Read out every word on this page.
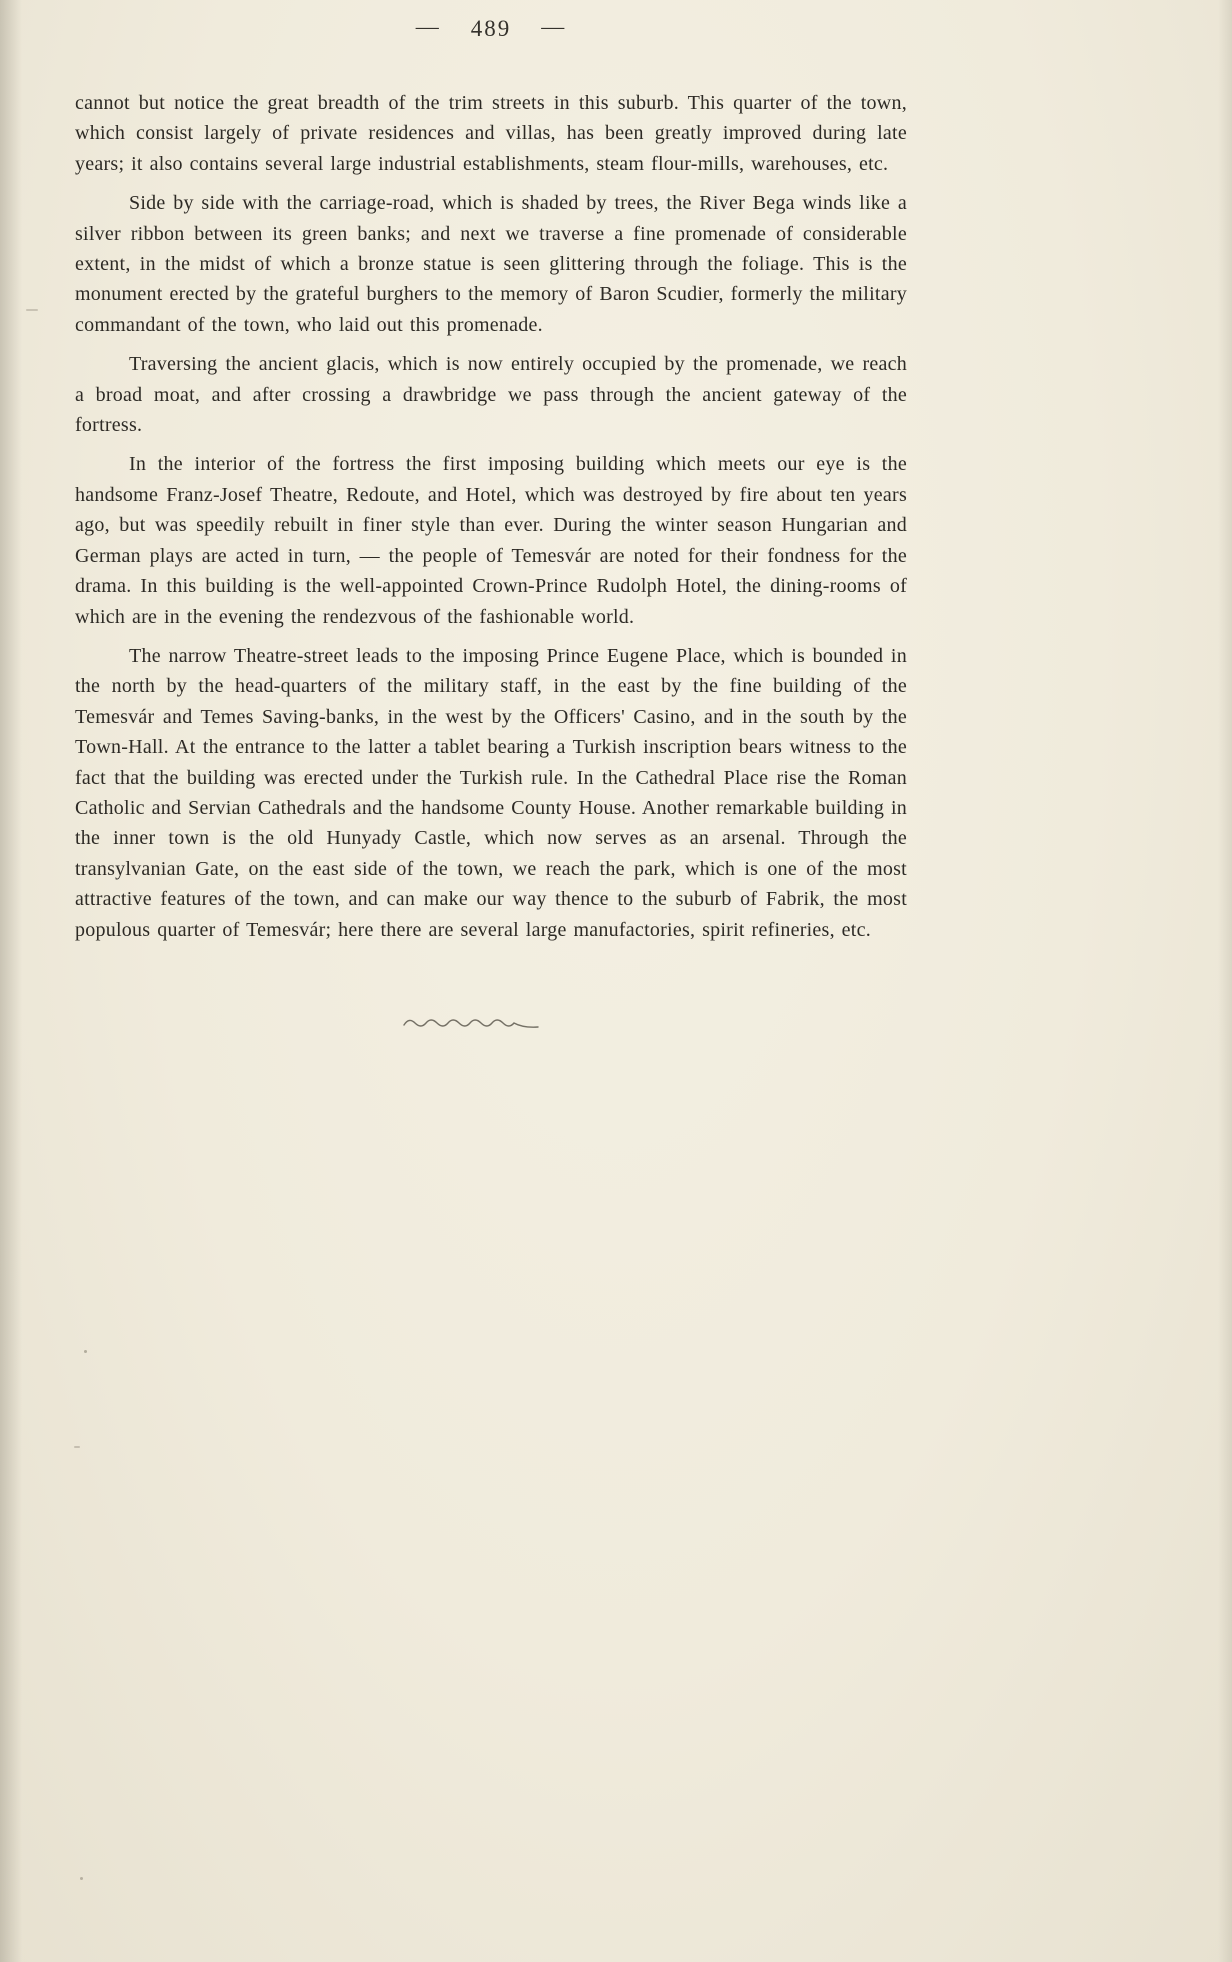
— 489 —

cannot but notice the great breadth of the trim streets in this suburb. This quarter of the town, which consist largely of private residences and villas, has been greatly improved during late years; it also contains several large industrial establishments, steam flour-mills, warehouses, etc.

Side by side with the carriage-road, which is shaded by trees, the River Bega winds like a silver ribbon between its green banks; and next we traverse a fine promenade of considerable extent, in the midst of which a bronze statue is seen glittering through the foliage. This is the monument erected by the grateful burghers to the memory of Baron Scudier, formerly the military commandant of the town, who laid out this promenade.

Traversing the ancient glacis, which is now entirely occupied by the promenade, we reach a broad moat, and after crossing a drawbridge we pass through the ancient gateway of the fortress.

In the interior of the fortress the first imposing building which meets our eye is the handsome Franz-Josef Theatre, Redoute, and Hotel, which was destroyed by fire about ten years ago, but was speedily rebuilt in finer style than ever. During the winter season Hungarian and German plays are acted in turn, — the people of Temesvár are noted for their fondness for the drama. In this building is the well-appointed Crown-Prince Rudolph Hotel, the dining-rooms of which are in the evening the rendezvous of the fashionable world.

The narrow Theatre-street leads to the imposing Prince Eugene Place, which is bounded in the north by the head-quarters of the military staff, in the east by the fine building of the Temesvár and Temes Saving-banks, in the west by the Officers' Casino, and in the south by the Town-Hall. At the entrance to the latter a tablet bearing a Turkish inscription bears witness to the fact that the building was erected under the Turkish rule. In the Cathedral Place rise the Roman Catholic and Servian Cathedrals and the handsome County House. Another remarkable building in the inner town is the old Hunyady Castle, which now serves as an arsenal. Through the transylvanian Gate, on the east side of the town, we reach the park, which is one of the most attractive features of the town, and can make our way thence to the suburb of Fabrik, the most populous quarter of Temesvár; here there are several large manufactories, spirit refineries, etc.
